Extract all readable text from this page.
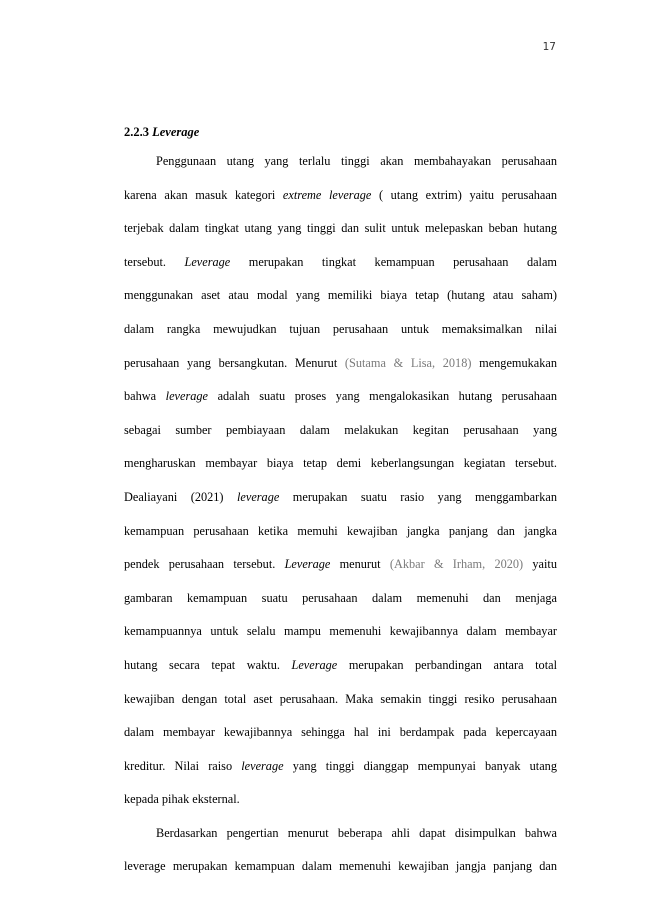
17
2.2.3 Leverage
Penggunaan utang yang terlalu tinggi akan membahayakan perusahaan
karena akan masuk kategori extreme leverage ( utang extrim) yaitu perusahaan
terjebak dalam tingkat utang yang tinggi dan sulit untuk melepaskan beban hutang
tersebut. Leverage merupakan tingkat kemampuan perusahaan dalam
menggunakan aset atau modal yang memiliki biaya tetap (hutang atau saham)
dalam rangka mewujudkan tujuan perusahaan untuk memaksimalkan nilai
perusahaan yang bersangkutan. Menurut (Sutama & Lisa, 2018) mengemukakan
bahwa leverage adalah suatu proses yang mengalokasikan hutang perusahaan
sebagai sumber pembiayaan dalam melakukan kegitan perusahaan yang
mengharuskan membayar biaya tetap demi keberlangsungan kegiatan tersebut.
Dealiayani (2021) leverage merupakan suatu rasio yang menggambarkan
kemampuan perusahaan ketika memuhi kewajiban jangka panjang dan jangka
pendek perusahaan tersebut. Leverage menurut (Akbar & Irham, 2020) yaitu
gambaran kemampuan suatu perusahaan dalam memenuhi dan menjaga
kemampuannya untuk selalu mampu memenuhi kewajibannya dalam membayar
hutang secara tepat waktu. Leverage merupakan perbandingan antara total
kewajiban dengan total aset perusahaan. Maka semakin tinggi resiko perusahaan
dalam membayar kewajibannya sehingga hal ini berdampak pada kepercayaan
kreditur. Nilai raiso leverage yang tinggi dianggap mempunyai banyak utang
kepada pihak eksternal.
Berdasarkan pengertian menurut beberapa ahli dapat disimpulkan bahwa
leverage merupakan kemampuan dalam memenuhi kewajiban jangja panjang dan
